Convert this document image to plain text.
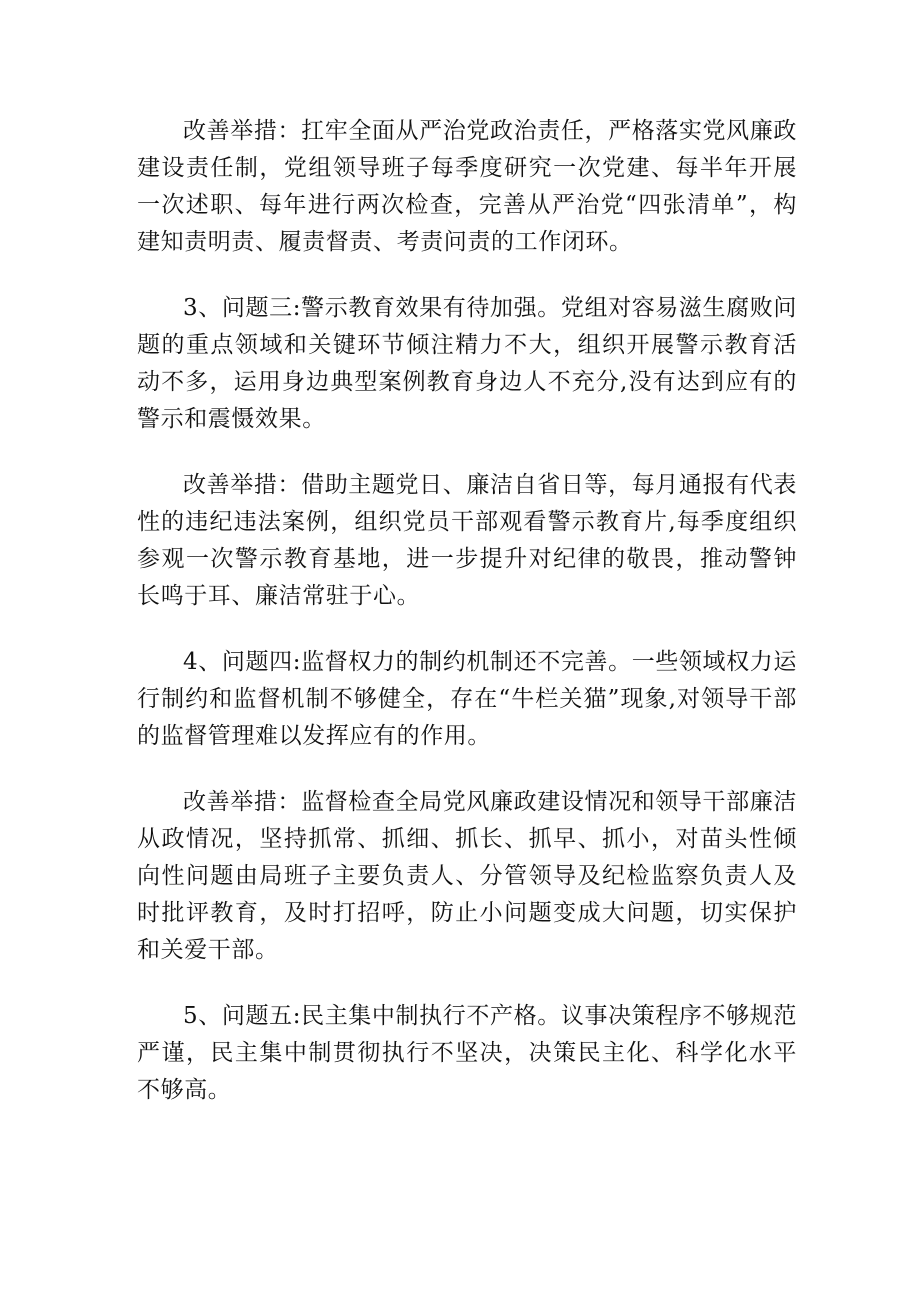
改善举措：扛牢全面从严治党政治责任，严格落实党风廉政建设责任制，党组领导班子每季度研究一次党建、每半年开展一次述职、每年进行两次检查，完善从严治党“四张清单”，构建知责明责、履责督责、考责问责的工作闭环。

3、问题三:警示教育效果有待加强。党组对容易滋生腐败问题的重点领域和关键环节倾注精力不大，组织开展警示教育活动不多，运用身边典型案例教育身边人不充分,没有达到应有的警示和震慑效果。

改善举措：借助主题党日、廉洁自省日等，每月通报有代表性的违纪违法案例，组织党员干部观看警示教育片,每季度组织参观一次警示教育基地，进一步提升对纪律的敬畏，推动警钟长鸣于耳、廉洁常驻于心。

4、问题四:监督权力的制约机制还不完善。一些领域权力运行制约和监督机制不够健全，存在“牛栏关猫”现象,对领导干部的监督管理难以发挥应有的作用。

改善举措：监督检查全局党风廉政建设情况和领导干部廉洁从政情况，坚持抓常、抓细、抓长、抓早、抓小，对苗头性倾向性问题由局班子主要负责人、分管领导及纪检监察负责人及时批评教育，及时打招呼，防止小问题变成大问题，切实保护和关爱干部。

5、问题五:民主集中制执行不产格。议事决策程序不够规范严谨，民主集中制贯彻执行不坚决，决策民主化、科学化水平不够高。
